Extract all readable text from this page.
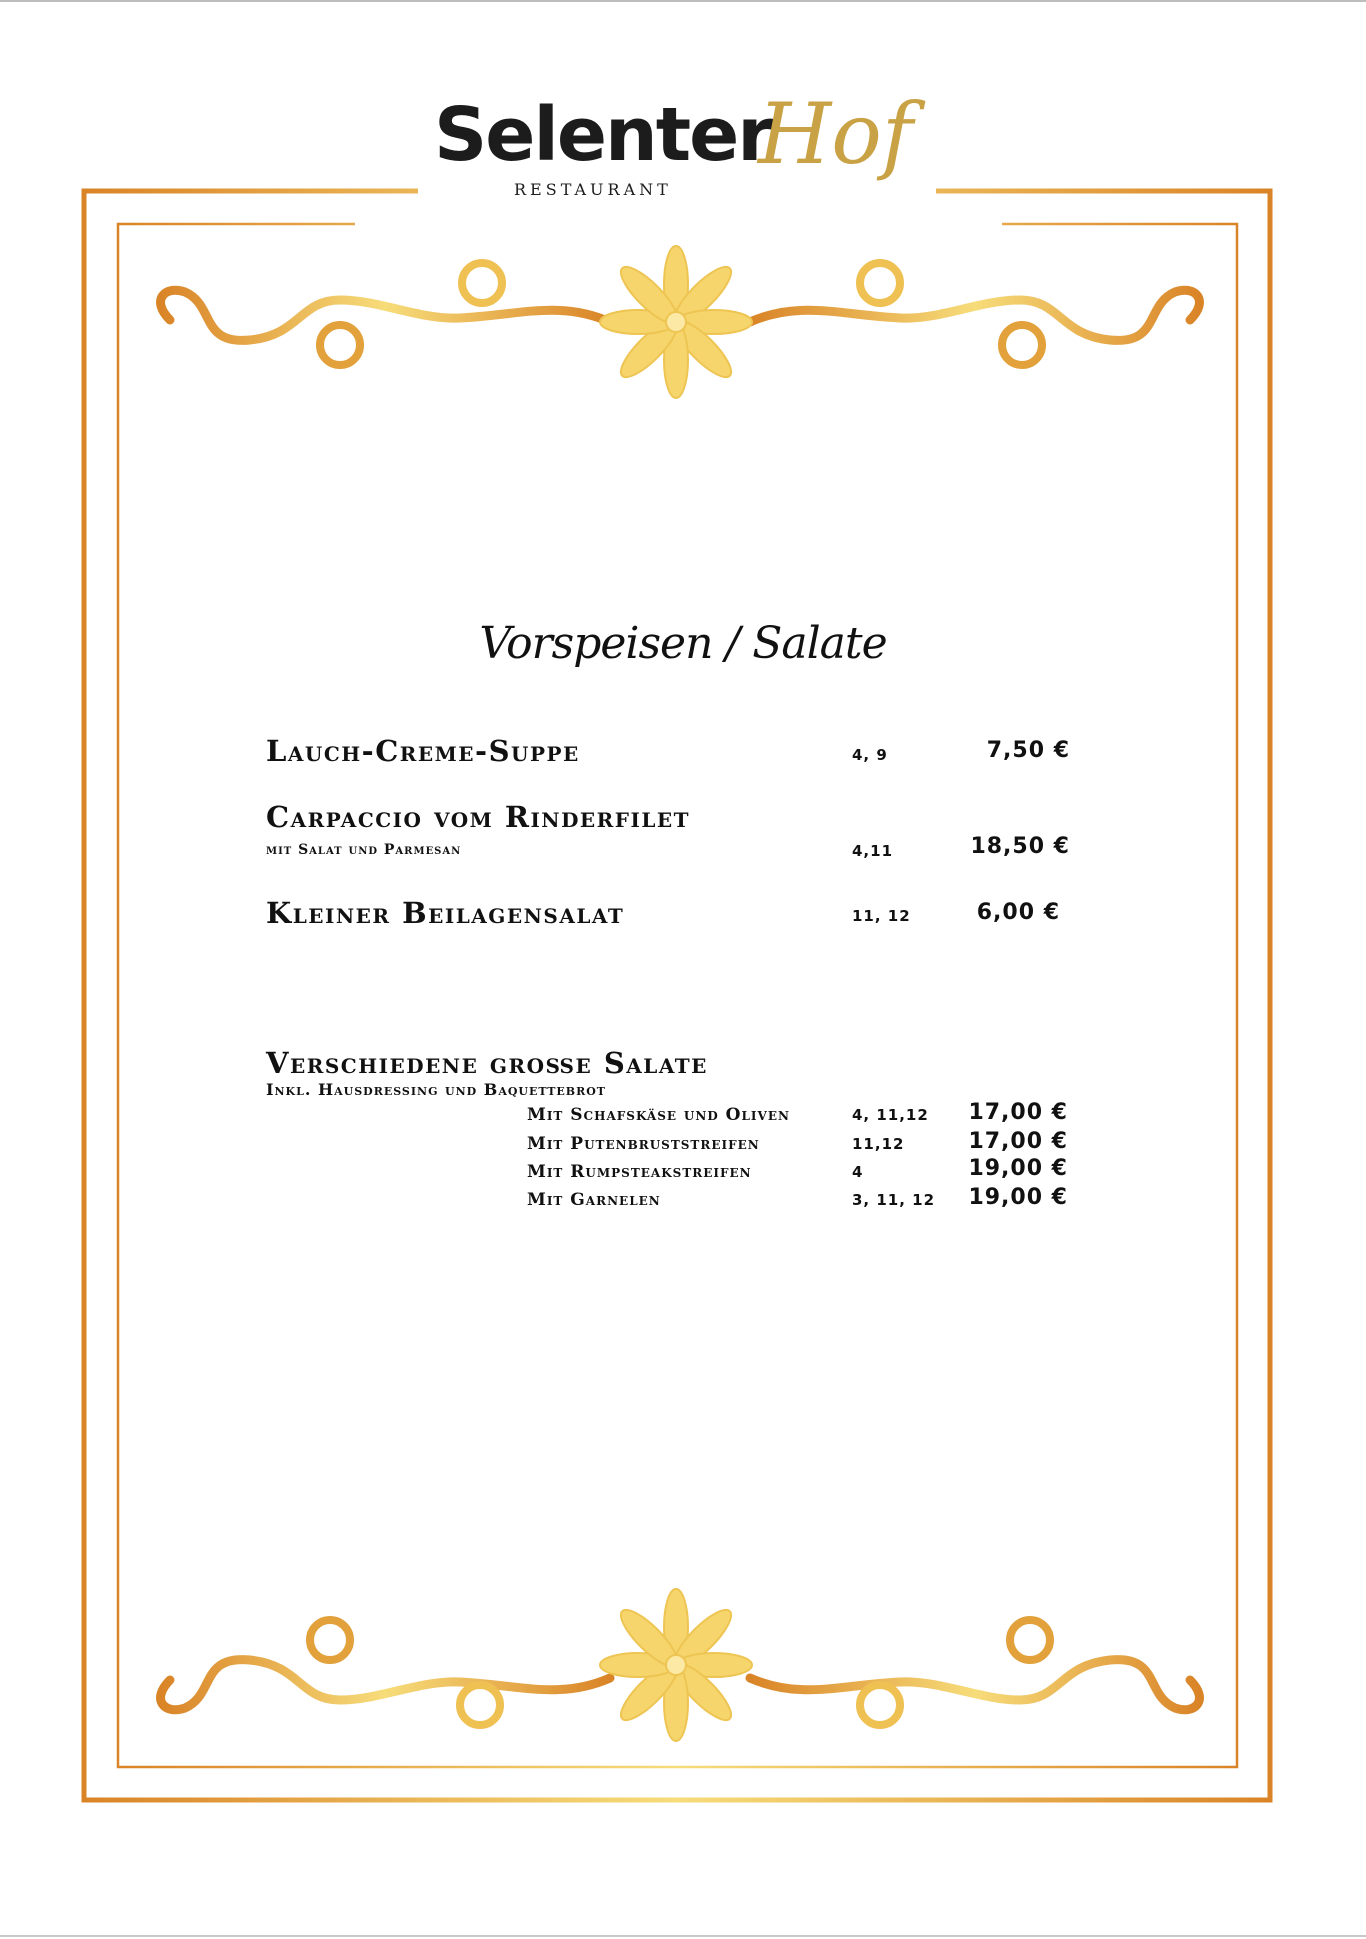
Selenter
RESTAURANT
Hof
Vorspeisen / Salate
Lauch-Creme-Suppe	4, 9	7,50 €
Carpaccio vom Rinderfilet
mit Salat und Parmesan	4,11	18,50 €
Kleiner Beilagensalat	11, 12	6,00 €
Verschiedene große Salate
Inkl. Hausdressing und Baquettebrot
Mit Schafskäse und Oliven	4, 11,12	17,00 €
Mit Putenbruststreifen	11,12	17,00 €
Mit Rumpsteakstreifen	4	19,00 €
Mit Garnelen	3, 11, 12	19,00 €
